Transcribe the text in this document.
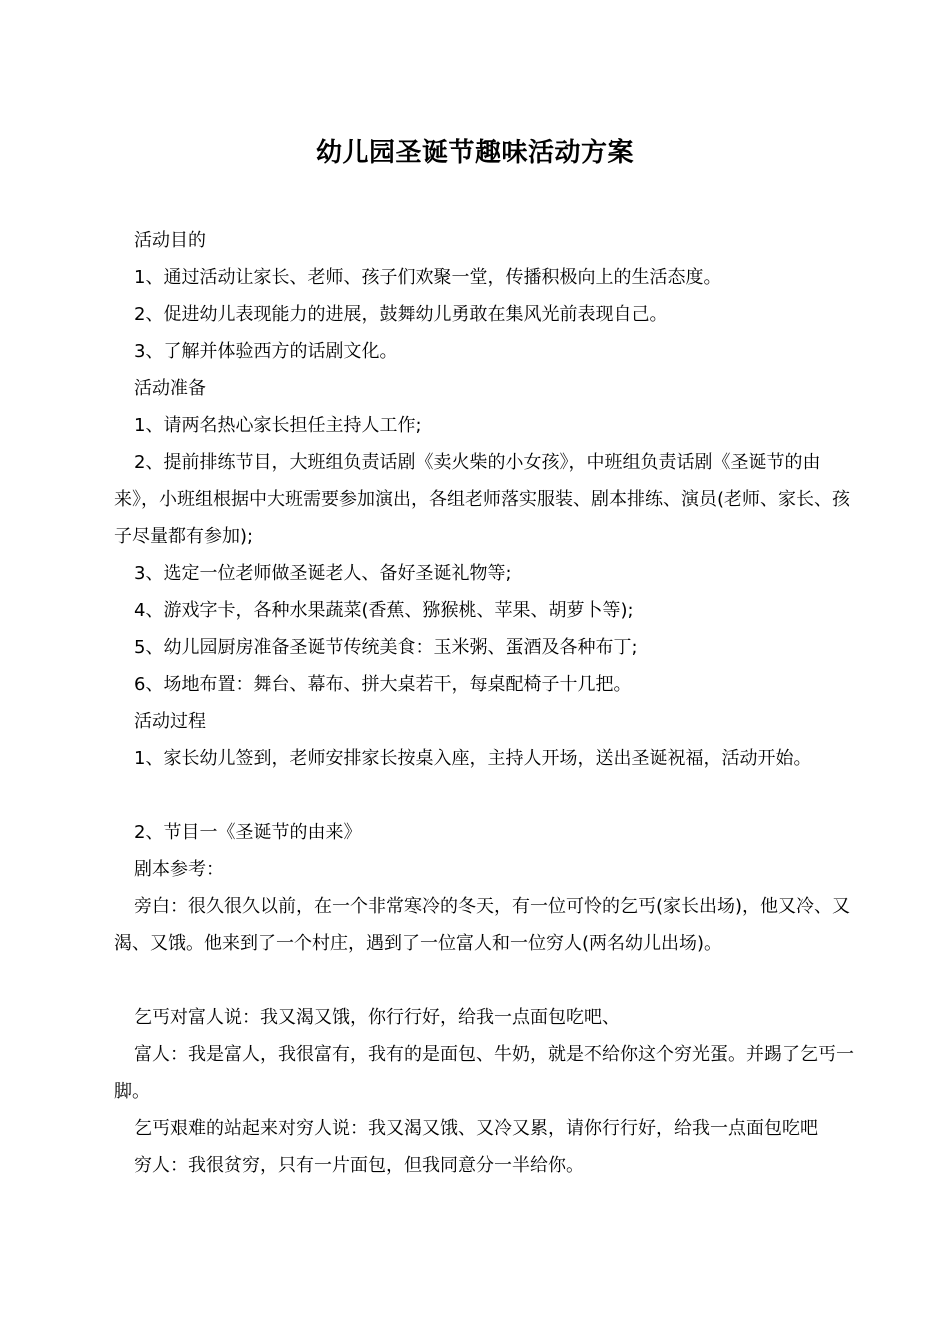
幼儿园圣诞节趣味活动方案

活动目的

1、通过活动让家长、老师、孩子们欢聚一堂，传播积极向上的生活态度。

2、促进幼儿表现能力的进展，鼓舞幼儿勇敢在集风光前表现自己。

3、了解并体验西方的话剧文化。

活动准备

1、请两名热心家长担任主持人工作;

2、提前排练节目，大班组负责话剧《卖火柴的小女孩》，中班组负责话剧《圣诞节的由来》，小班组根据中大班需要参加演出，各组老师落实服装、剧本排练、演员(老师、家长、孩子尽量都有参加);

3、选定一位老师做圣诞老人、备好圣诞礼物等;

4、游戏字卡，各种水果蔬菜(香蕉、猕猴桃、苹果、胡萝卜等);

5、幼儿园厨房准备圣诞节传统美食：玉米粥、蛋酒及各种布丁;

6、场地布置：舞台、幕布、拼大桌若干，每桌配椅子十几把。

活动过程

1、家长幼儿签到，老师安排家长按桌入座，主持人开场，送出圣诞祝福，活动开始。

2、节目一《圣诞节的由来》

剧本参考：

旁白：很久很久以前，在一个非常寒冷的冬天，有一位可怜的乞丐(家长出场)，他又冷、又渴、又饿。他来到了一个村庄，遇到了一位富人和一位穷人(两名幼儿出场)。

乞丐对富人说：我又渴又饿，你行行好，给我一点面包吃吧、

富人：我是富人，我很富有，我有的是面包、牛奶，就是不给你这个穷光蛋。并踢了乞丐一脚。

乞丐艰难的站起来对穷人说：我又渴又饿、又冷又累，请你行行好，给我一点面包吃吧

穷人：我很贫穷，只有一片面包，但我同意分一半给你。
